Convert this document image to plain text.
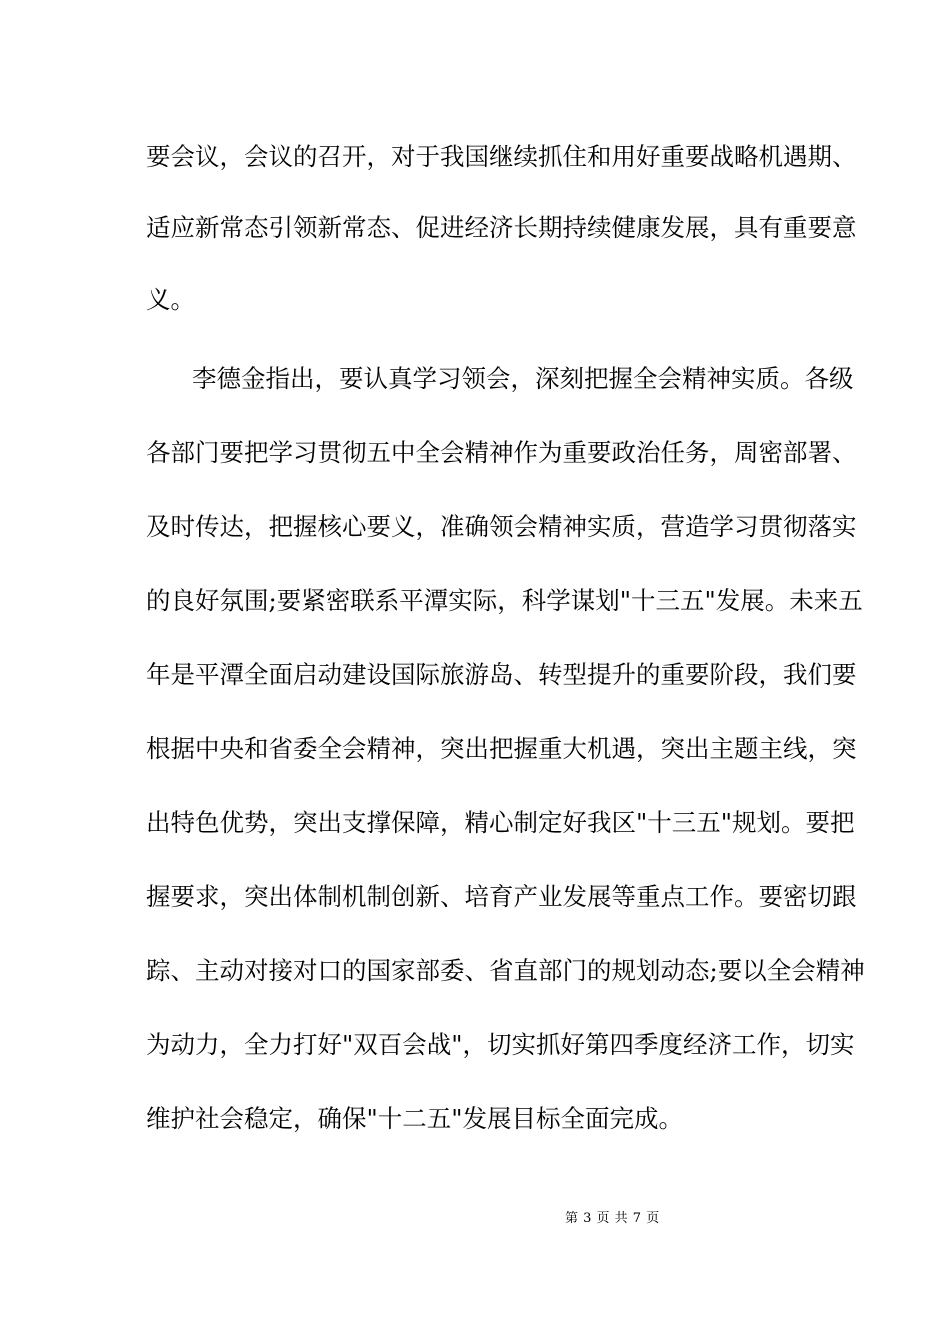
要会议，会议的召开，对于我国继续抓住和用好重要战略机遇期、
适应新常态引领新常态、促进经济长期持续健康发展，具有重要意
义。
李德金指出，要认真学习领会，深刻把握全会精神实质。各级
各部门要把学习贯彻五中全会精神作为重要政治任务，周密部署、
及时传达，把握核心要义，准确领会精神实质，营造学习贯彻落实
的良好氛围;要紧密联系平潭实际，科学谋划"十三五"发展。未来五
年是平潭全面启动建设国际旅游岛、转型提升的重要阶段，我们要
根据中央和省委全会精神，突出把握重大机遇，突出主题主线，突
出特色优势，突出支撑保障，精心制定好我区"十三五"规划。要把
握要求，突出体制机制创新、培育产业发展等重点工作。要密切跟
踪、主动对接对口的国家部委、省直部门的规划动态;要以全会精神
为动力，全力打好"双百会战"，切实抓好第四季度经济工作，切实
维护社会稳定，确保"十二五"发展目标全面完成。
第 3 页 共 7 页
